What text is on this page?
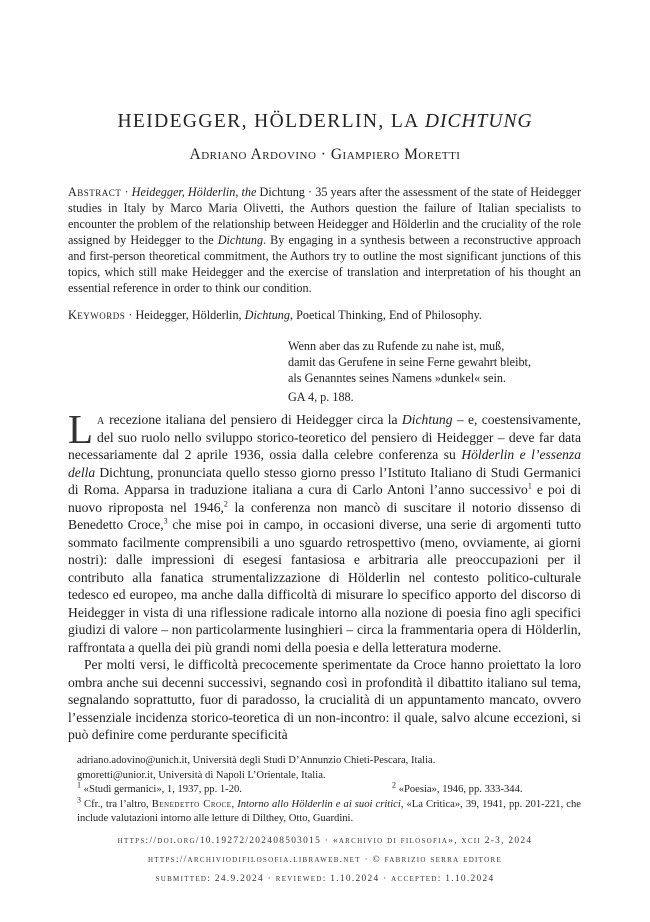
HEIDEGGER, HÖLDERLIN, LA DICHTUNG
Adriano Ardovino · Giampiero Moretti
Abstract · Heidegger, Hölderlin, the Dichtung · 35 years after the assessment of the state of Heidegger studies in Italy by Marco Maria Olivetti, the Authors question the failure of Italian specialists to encounter the problem of the relationship between Heidegger and Hölderlin and the cruciality of the role assigned by Heidegger to the Dichtung. By engaging in a synthesis between a reconstructive approach and first-person theoretical commitment, the Authors try to outline the most significant junctions of this topics, which still make Heidegger and the exercise of translation and interpretation of his thought an essential reference in order to think our condition.
Keywords · Heidegger, Hölderlin, Dichtung, Poetical Thinking, End of Philosophy.
Wenn aber das zu Rufende zu nahe ist, muß,
damit das Gerufene in seine Ferne gewahrt bleibt,
als Genanntes seines Namens »dunkel« sein.
GA 4, p. 188.

La recezione italiana del pensiero di Heidegger circa la Dichtung – e, coestensivamente, del suo ruolo nello sviluppo storico-teoretico del pensiero di Heidegger – deve far data necessariamente dal 2 aprile 1936, ossia dalla celebre conferenza su Hölderlin e l’essenza della Dichtung, pronunciata quello stesso giorno presso l’Istituto Italiano di Studi Germanici di Roma. Apparsa in traduzione italiana a cura di Carlo Antoni l’anno successivo$^1$ e poi di nuovo riproposta nel 1946,$^2$ la conferenza non mancò di suscitare il notorio dissenso di Benedetto Croce,$^3$ che mise poi in campo, in occasioni diverse, una serie di argomenti tutto sommato facilmente comprensibili a uno sguardo retrospettivo (meno, ovviamente, ai giorni nostri): dalle impressioni di esegesi fantasiosa e arbitraria alle preoccupazioni per il contributo alla fanatica strumentalizzazione di Hölderlin nel contesto politico-culturale tedesco ed europeo, ma anche dalla difficoltà di misurare lo specifico apporto del discorso di Heidegger in vista di una riflessione radicale intorno alla nozione di poesia fino agli specifici giudizi di valore – non particolarmente lusinghieri – circa la frammentaria opera di Hölderlin, raffrontata a quella dei più grandi nomi della poesia e della letteratura moderne.

Per molti versi, le difficoltà precocemente sperimentate da Croce hanno proiettato la loro ombra anche sui decenni successivi, segnando così in profondità il dibattito italiano sul tema, segnalando soprattutto, fuor di paradosso, la crucialità di un appuntamento mancato, ovvero l’essenziale incidenza storico-teoretica di un non-incontro: il quale, salvo alcune eccezioni, si può definire come perdurante specificità

adriano.adovino@unich.it, Università degli Studi D’Annunzio Chieti-Pescara, Italia.
gmoretti@unior.it, Università di Napoli L’Orientale, Italia.
$^1$ «Studi germanici», 1, 1937, pp. 1-20.	$^2$ «Poesia», 1946, pp. 333-344.
$^3$ Cfr., tra l’altro, Benedetto Croce, Intorno allo Hölderlin e ai suoi critici, «La Critica», 39, 1941, pp. 201-221, che include valutazioni intorno alle letture di Dilthey, Otto, Guardini.
https://doi.org/10.19272/202408503015 · «archivio di filosofia», xcii 2-3, 2024
https://archiviodifilosofia.libraweb.net · © fabrizio serra editore
submitted: 24.9.2024 · reviewed: 1.10.2024 · accepted: 1.10.2024
